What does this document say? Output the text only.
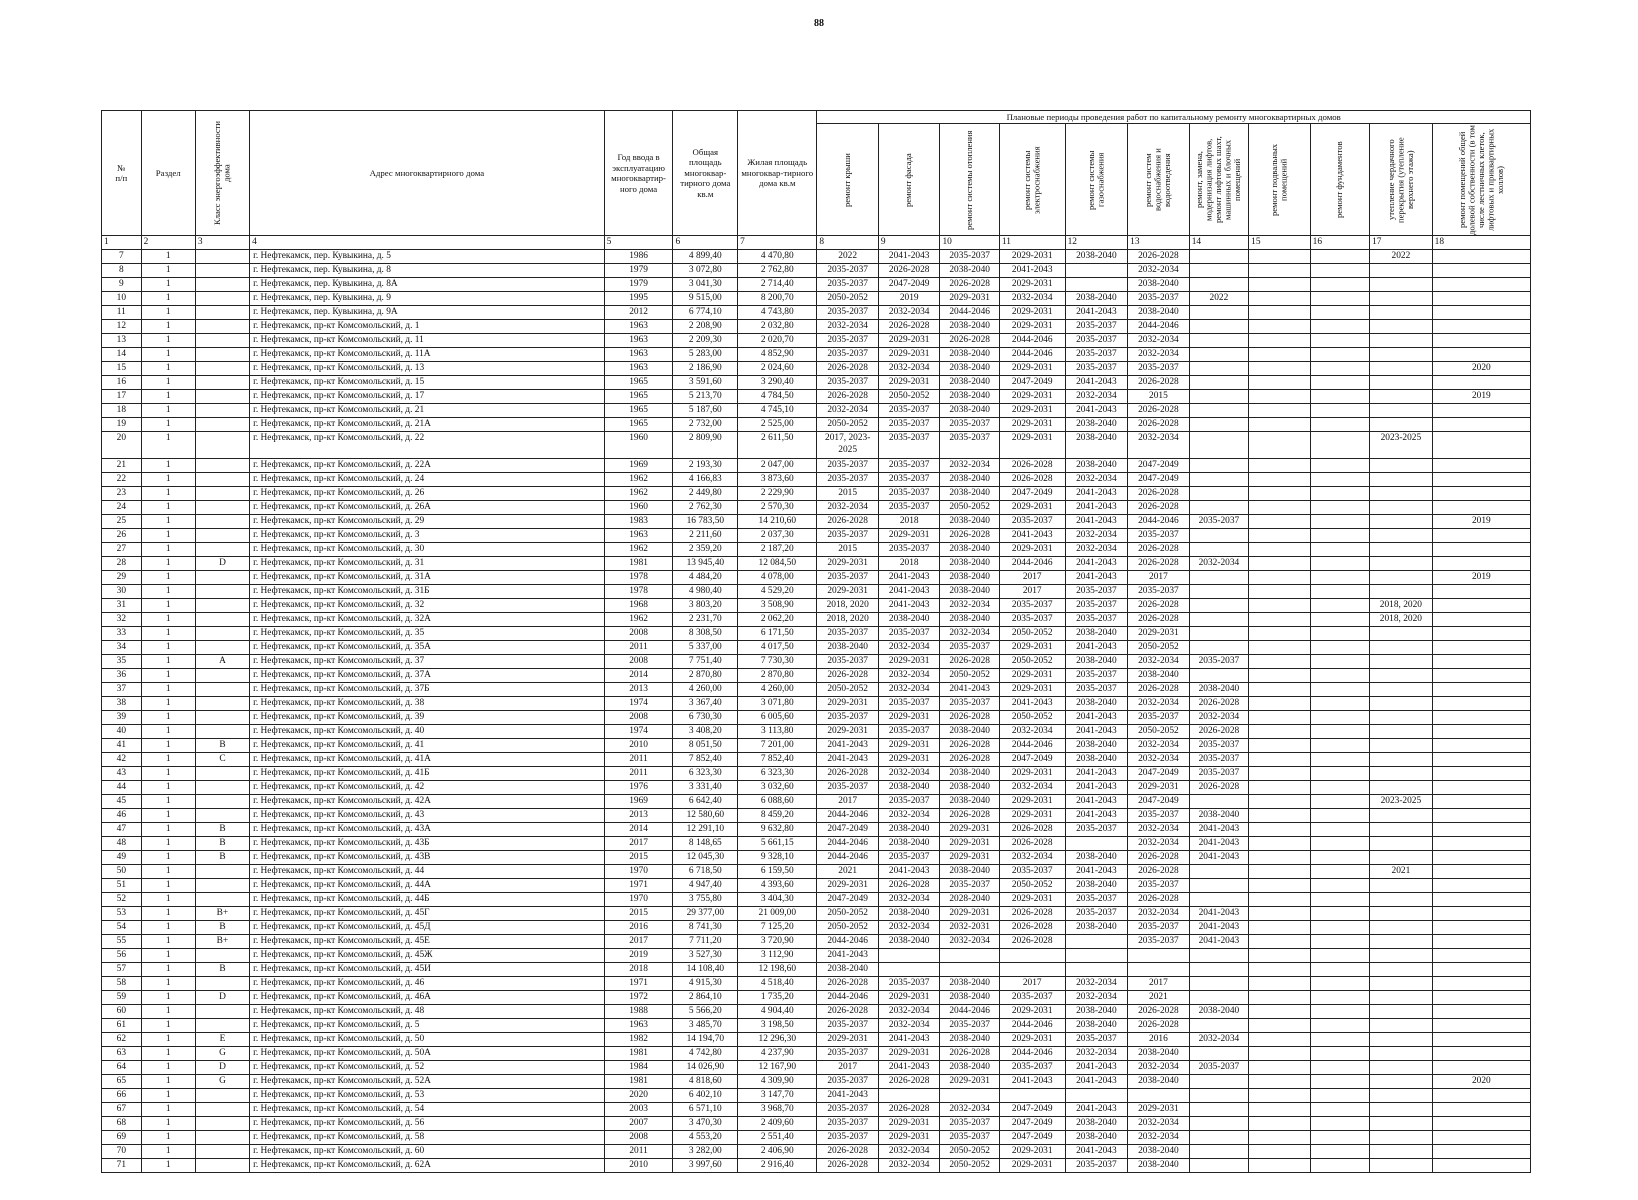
88
№
п/п	Раздел	Класс энергоэффективности дома	Адрес многоквартирного дома	Год ввода в эксплуатацию многоквартир-ного дома	Общая площадь многоквар-тирного дома кв.м	Жилая площадь многоквар-тирного дома кв.м	Плановые периоды проведения работ по капитальному ремонту многоквартирных домов										

							ремонт крыши	ремонт фасада	ремонт системы отопления	ремонт системы электроснабжения	ремонт системы газоснабжения	ремонт систем водоснабжения и водоотведения	ремонт, замена, модернизация лифтов, ремонт лифтовых шахт, машинных и блочных помещений	ремонт подвальных помещений	ремонт фундаментов	утепление чердачного перекрытия (утепление верхнего этажа)	ремонт помещений общей долевой собственности (в том числе лестничных клеток, лифтовых и приквартирных холлов)

1	2	3	4	5	6	7	8	9	10	11	12	13	14	15	16	17	18
7	1		г. Нефтекамск, пер. Кувыкина, д. 5	1986	4 899,40	4 470,80	2022	2041-2043	2035-2037	2029-2031	2038-2040	2026-2028				2022	
8	1		г. Нефтекамск, пер. Кувыкина, д. 8	1979	3 072,80	2 762,80	2035-2037	2026-2028	2038-2040	2041-2043		2032-2034					
9	1		г. Нефтекамск, пер. Кувыкина, д. 8А	1979	3 041,30	2 714,40	2035-2037	2047-2049	2026-2028	2029-2031		2038-2040					
10	1		г. Нефтекамск, пер. Кувыкина, д. 9	1995	9 515,00	8 200,70	2050-2052	2019	2029-2031	2032-2034	2038-2040	2035-2037	2022				
11	1		г. Нефтекамск, пер. Кувыкина, д. 9А	2012	6 774,10	4 743,80	2035-2037	2032-2034	2044-2046	2029-2031	2041-2043	2038-2040					
12	1		г. Нефтекамск, пр-кт Комсомольский, д. 1	1963	2 208,90	2 032,80	2032-2034	2026-2028	2038-2040	2029-2031	2035-2037	2044-2046					
13	1		г. Нефтекамск, пр-кт Комсомольский, д. 11	1963	2 209,30	2 020,70	2035-2037	2029-2031	2026-2028	2044-2046	2035-2037	2032-2034					
14	1		г. Нефтекамск, пр-кт Комсомольский, д. 11А	1963	5 283,00	4 852,90	2035-2037	2029-2031	2038-2040	2044-2046	2035-2037	2032-2034					
15	1		г. Нефтекамск, пр-кт Комсомольский, д. 13	1963	2 186,90	2 024,60	2026-2028	2032-2034	2038-2040	2029-2031	2035-2037	2035-2037					2020
16	1		г. Нефтекамск, пр-кт Комсомольский, д. 15	1965	3 591,60	3 290,40	2035-2037	2029-2031	2038-2040	2047-2049	2041-2043	2026-2028					
17	1		г. Нефтекамск, пр-кт Комсомольский, д. 17	1965	5 213,70	4 784,50	2026-2028	2050-2052	2038-2040	2029-2031	2032-2034	2015					2019
18	1		г. Нефтекамск, пр-кт Комсомольский, д. 21	1965	5 187,60	4 745,10	2032-2034	2035-2037	2038-2040	2029-2031	2041-2043	2026-2028					
19	1		г. Нефтекамск, пр-кт Комсомольский, д. 21А	1965	2 732,00	2 525,00	2050-2052	2035-2037	2035-2037	2029-2031	2038-2040	2026-2028					
20	1		г. Нефтекамск, пр-кт Комсомольский, д. 22	1960	2 809,90	2 611,50	2017, 2023-2025	2035-2037	2035-2037	2029-2031	2038-2040	2032-2034				2023-2025	
21	1		г. Нефтекамск, пр-кт Комсомольский, д. 22А	1969	2 193,30	2 047,00	2035-2037	2035-2037	2032-2034	2026-2028	2038-2040	2047-2049					
22	1		г. Нефтекамск, пр-кт Комсомольский, д. 24	1962	4 166,83	3 873,60	2035-2037	2035-2037	2038-2040	2026-2028	2032-2034	2047-2049					
23	1		г. Нефтекамск, пр-кт Комсомольский, д. 26	1962	2 449,80	2 229,90	2015	2035-2037	2038-2040	2047-2049	2041-2043	2026-2028					
24	1		г. Нефтекамск, пр-кт Комсомольский, д. 26А	1960	2 762,30	2 570,30	2032-2034	2035-2037	2050-2052	2029-2031	2041-2043	2026-2028					
25	1		г. Нефтекамск, пр-кт Комсомольский, д. 29	1983	16 783,50	14 210,60	2026-2028	2018	2038-2040	2035-2037	2041-2043	2044-2046	2035-2037				2019
26	1		г. Нефтекамск, пр-кт Комсомольский, д. 3	1963	2 211,60	2 037,30	2035-2037	2029-2031	2026-2028	2041-2043	2032-2034	2035-2037					
27	1		г. Нефтекамск, пр-кт Комсомольский, д. 30	1962	2 359,20	2 187,20	2015	2035-2037	2038-2040	2029-2031	2032-2034	2026-2028					
28	1	D	г. Нефтекамск, пр-кт Комсомольский, д. 31	1981	13 945,40	12 084,50	2029-2031	2018	2038-2040	2044-2046	2041-2043	2026-2028	2032-2034				
29	1		г. Нефтекамск, пр-кт Комсомольский, д. 31А	1978	4 484,20	4 078,00	2035-2037	2041-2043	2038-2040	2017	2041-2043	2017					2019
30	1		г. Нефтекамск, пр-кт Комсомольский, д. 31Б	1978	4 980,40	4 529,20	2029-2031	2041-2043	2038-2040	2017	2035-2037	2035-2037					
31	1		г. Нефтекамск, пр-кт Комсомольский, д. 32	1968	3 803,20	3 508,90	2018, 2020	2041-2043	2032-2034	2035-2037	2035-2037	2026-2028				2018, 2020	
32	1		г. Нефтекамск, пр-кт Комсомольский, д. 32А	1962	2 231,70	2 062,20	2018, 2020	2038-2040	2038-2040	2035-2037	2035-2037	2026-2028				2018, 2020	
33	1		г. Нефтекамск, пр-кт Комсомольский, д. 35	2008	8 308,50	6 171,50	2035-2037	2035-2037	2032-2034	2050-2052	2038-2040	2029-2031					
34	1		г. Нефтекамск, пр-кт Комсомольский, д. 35А	2011	5 337,00	4 017,50	2038-2040	2032-2034	2035-2037	2029-2031	2041-2043	2050-2052					
35	1	А	г. Нефтекамск, пр-кт Комсомольский, д. 37	2008	7 751,40	7 730,30	2035-2037	2029-2031	2026-2028	2050-2052	2038-2040	2032-2034	2035-2037				
36	1		г. Нефтекамск, пр-кт Комсомольский, д. 37А	2014	2 870,80	2 870,80	2026-2028	2032-2034	2050-2052	2029-2031	2035-2037	2038-2040					
37	1		г. Нефтекамск, пр-кт Комсомольский, д. 37Б	2013	4 260,00	4 260,00	2050-2052	2032-2034	2041-2043	2029-2031	2035-2037	2026-2028	2038-2040				
38	1		г. Нефтекамск, пр-кт Комсомольский, д. 38	1974	3 367,40	3 071,80	2029-2031	2035-2037	2035-2037	2041-2043	2038-2040	2032-2034	2026-2028				
39	1		г. Нефтекамск, пр-кт Комсомольский, д. 39	2008	6 730,30	6 005,60	2035-2037	2029-2031	2026-2028	2050-2052	2041-2043	2035-2037	2032-2034				
40	1		г. Нефтекамск, пр-кт Комсомольский, д. 40	1974	3 408,20	3 113,80	2029-2031	2035-2037	2038-2040	2032-2034	2041-2043	2050-2052	2026-2028				
41	1	В	г. Нефтекамск, пр-кт Комсомольский, д. 41	2010	8 051,50	7 201,00	2041-2043	2029-2031	2026-2028	2044-2046	2038-2040	2032-2034	2035-2037				
42	1	С	г. Нефтекамск, пр-кт Комсомольский, д. 41А	2011	7 852,40	7 852,40	2041-2043	2029-2031	2026-2028	2047-2049	2038-2040	2032-2034	2035-2037				
43	1		г. Нефтекамск, пр-кт Комсомольский, д. 41Б	2011	6 323,30	6 323,30	2026-2028	2032-2034	2038-2040	2029-2031	2041-2043	2047-2049	2035-2037				
44	1		г. Нефтекамск, пр-кт Комсомольский, д. 42	1976	3 331,40	3 032,60	2035-2037	2038-2040	2038-2040	2032-2034	2041-2043	2029-2031	2026-2028				
45	1		г. Нефтекамск, пр-кт Комсомольский, д. 42А	1969	6 642,40	6 088,60	2017	2035-2037	2038-2040	2029-2031	2041-2043	2047-2049				2023-2025	
46	1		г. Нефтекамск, пр-кт Комсомольский, д. 43	2013	12 580,60	8 459,20	2044-2046	2032-2034	2026-2028	2029-2031	2041-2043	2035-2037	2038-2040				
47	1	В	г. Нефтекамск, пр-кт Комсомольский, д. 43А	2014	12 291,10	9 632,80	2047-2049	2038-2040	2029-2031	2026-2028	2035-2037	2032-2034	2041-2043				
48	1	В	г. Нефтекамск, пр-кт Комсомольский, д. 43Б	2017	8 148,65	5 661,15	2044-2046	2038-2040	2029-2031	2026-2028		2032-2034	2041-2043				
49	1	В	г. Нефтекамск, пр-кт Комсомольский, д. 43В	2015	12 045,30	9 328,10	2044-2046	2035-2037	2029-2031	2032-2034	2038-2040	2026-2028	2041-2043				
50	1		г. Нефтекамск, пр-кт Комсомольский, д. 44	1970	6 718,50	6 159,50	2021	2041-2043	2038-2040	2035-2037	2041-2043	2026-2028				2021	
51	1		г. Нефтекамск, пр-кт Комсомольский, д. 44А	1971	4 947,40	4 393,60	2029-2031	2026-2028	2035-2037	2050-2052	2038-2040	2035-2037					
52	1		г. Нефтекамск, пр-кт Комсомольский, д. 44Б	1970	3 755,80	3 404,30	2047-2049	2032-2034	2028-2040	2029-2031	2035-2037	2026-2028					
53	1	В+	г. Нефтекамск, пр-кт Комсомольский, д. 45Г	2015	29 377,00	21 009,00	2050-2052	2038-2040	2029-2031	2026-2028	2035-2037	2032-2034	2041-2043				
54	1	В	г. Нефтекамск, пр-кт Комсомольский, д. 45Д	2016	8 741,30	7 125,20	2050-2052	2032-2034	2032-2031	2026-2028	2038-2040	2035-2037	2041-2043				
55	1	В+	г. Нефтекамск, пр-кт Комсомольский, д. 45Е	2017	7 711,20	3 720,90	2044-2046	2038-2040	2032-2034	2026-2028		2035-2037	2041-2043				
56	1		г. Нефтекамск, пр-кт Комсомольский, д. 45Ж	2019	3 527,30	3 112,90	2041-2043										
57	1	В	г. Нефтекамск, пр-кт Комсомольский, д. 45И	2018	14 108,40	12 198,60	2038-2040										
58	1		г. Нефтекамск, пр-кт Комсомольский, д. 46	1971	4 915,30	4 518,40	2026-2028	2035-2037	2038-2040	2017	2032-2034	2017					
59	1	D	г. Нефтекамск, пр-кт Комсомольский, д. 46А	1972	2 864,10	1 735,20	2044-2046	2029-2031	2038-2040	2035-2037	2032-2034	2021					
60	1		г. Нефтекамск, пр-кт Комсомольский, д. 48	1988	5 566,20	4 904,40	2026-2028	2032-2034	2044-2046	2029-2031	2038-2040	2026-2028	2038-2040				
61	1		г. Нефтекамск, пр-кт Комсомольский, д. 5	1963	3 485,70	3 198,50	2035-2037	2032-2034	2035-2037	2044-2046	2038-2040	2026-2028					
62	1	Е	г. Нефтекамск, пр-кт Комсомольский, д. 50	1982	14 194,70	12 296,30	2029-2031	2041-2043	2038-2040	2029-2031	2035-2037	2016	2032-2034				
63	1	G	г. Нефтекамск, пр-кт Комсомольский, д. 50А	1981	4 742,80	4 237,90	2035-2037	2029-2031	2026-2028	2044-2046	2032-2034	2038-2040					
64	1	D	г. Нефтекамск, пр-кт Комсомольский, д. 52	1984	14 026,90	12 167,90	2017	2041-2043	2038-2040	2035-2037	2041-2043	2032-2034	2035-2037				
65	1	G	г. Нефтекамск, пр-кт Комсомольский, д. 52А	1981	4 818,60	4 309,90	2035-2037	2026-2028	2029-2031	2041-2043	2041-2043	2038-2040					2020
66	1		г. Нефтекамск, пр-кт Комсомольский, д. 53	2020	6 402,10	3 147,70	2041-2043										
67	1		г. Нефтекамск, пр-кт Комсомольский, д. 54	2003	6 571,10	3 968,70	2035-2037	2026-2028	2032-2034	2047-2049	2041-2043	2029-2031					
68	1		г. Нефтекамск, пр-кт Комсомольский, д. 56	2007	3 470,30	2 409,60	2035-2037	2029-2031	2035-2037	2047-2049	2038-2040	2032-2034					
69	1		г. Нефтекамск, пр-кт Комсомольский, д. 58	2008	4 553,20	2 551,40	2035-2037	2029-2031	2035-2037	2047-2049	2038-2040	2032-2034					
70	1		г. Нефтекамск, пр-кт Комсомольский, д. 60	2011	3 282,00	2 406,90	2026-2028	2032-2034	2050-2052	2029-2031	2041-2043	2038-2040					
71	1		г. Нефтекамск, пр-кт Комсомольский, д. 62А	2010	3 997,60	2 916,40	2026-2028	2032-2034	2050-2052	2029-2031	2035-2037	2038-2040					
